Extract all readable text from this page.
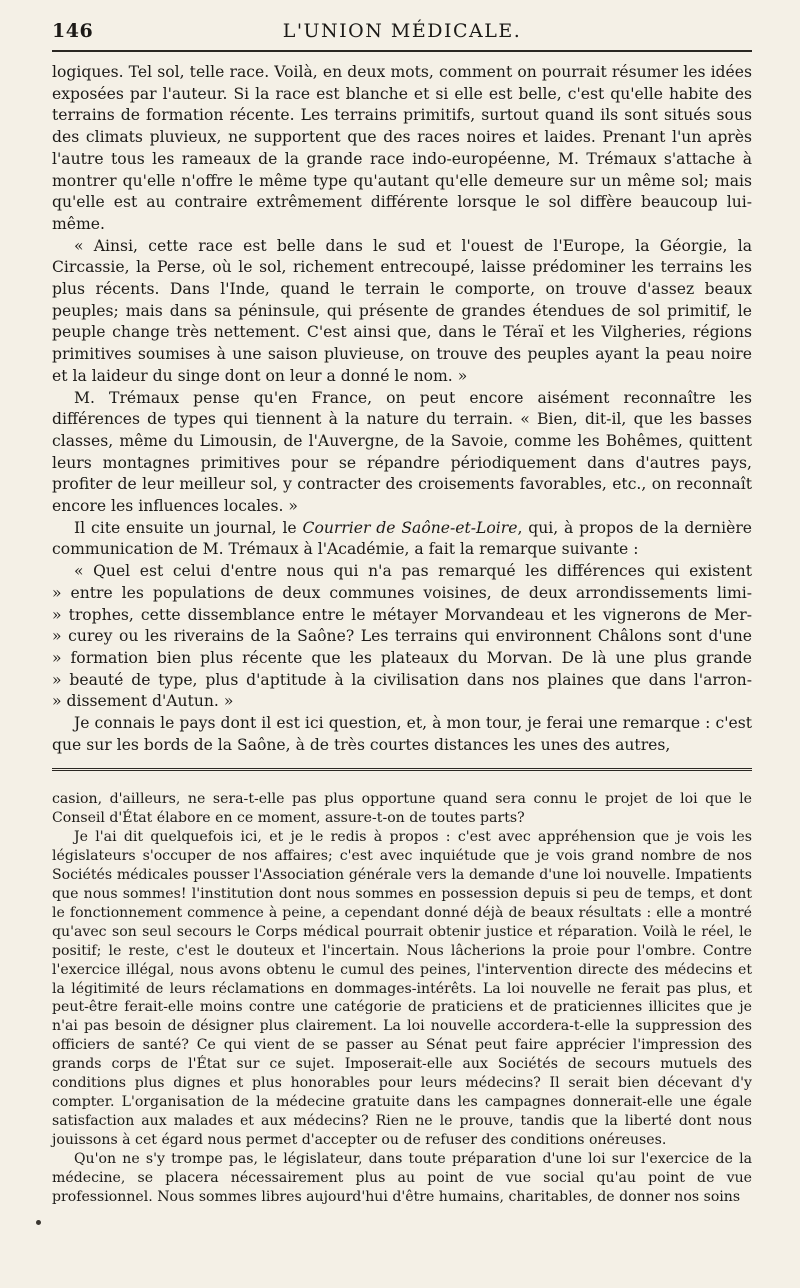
146	L'UNION MÉDICALE.

logiques. Tel sol, telle race. Voilà, en deux mots, comment on pourrait résumer les idées exposées par l'auteur. Si la race est blanche et si elle est belle, c'est qu'elle habite des terrains de formation récente. Les terrains primitifs, surtout quand ils sont situés sous des climats pluvieux, ne supportent que des races noires et laides. Prenant l'un après l'autre tous les rameaux de la grande race indo-européenne, M. Trémaux s'attache à montrer qu'elle n'offre le même type qu'autant qu'elle demeure sur un même sol; mais qu'elle est au contraire extrêmement différente lorsque le sol diffère beaucoup lui-même.

« Ainsi, cette race est belle dans le sud et l'ouest de l'Europe, la Géorgie, la Circassie, la Perse, où le sol, richement entrecoupé, laisse prédominer les terrains les plus récents. Dans l'Inde, quand le terrain le comporte, on trouve d'assez beaux peuples; mais dans sa péninsule, qui présente de grandes étendues de sol primitif, le peuple change très nettement. C'est ainsi que, dans le Téraï et les Vilgheries, régions primitives soumises à une saison pluvieuse, on trouve des peuples ayant la peau noire et la laideur du singe dont on leur a donné le nom. »

M. Trémaux pense qu'en France, on peut encore aisément reconnaître les différences de types qui tiennent à la nature du terrain. « Bien, dit-il, que les basses classes, même du Limousin, de l'Auvergne, de la Savoie, comme les Bohêmes, quittent leurs montagnes primitives pour se répandre périodiquement dans d'autres pays, profiter de leur meilleur sol, y contracter des croisements favorables, etc., on reconnaît encore les influences locales. »

Il cite ensuite un journal, le Courrier de Saône-et-Loire, qui, à propos de la dernière communication de M. Trémaux à l'Académie, a fait la remarque suivante :

« Quel est celui d'entre nous qui n'a pas remarqué les différences qui existent
» entre les populations de deux communes voisines, de deux arrondissements limi-
» trophes, cette dissemblance entre le métayer Morvandeau et les vignerons de Mer-
» curey ou les riverains de la Saône? Les terrains qui environnent Châlons sont d'une
» formation bien plus récente que les plateaux du Morvan. De là une plus grande
» beauté de type, plus d'aptitude à la civilisation dans nos plaines que dans l'arron-
» dissement d'Autun. »

Je connais le pays dont il est ici question, et, à mon tour, je ferai une remarque : c'est que sur les bords de la Saône, à de très courtes distances les unes des autres,

casion, d'ailleurs, ne sera-t-elle pas plus opportune quand sera connu le projet de loi que le Conseil d'État élabore en ce moment, assure-t-on de toutes parts?

Je l'ai dit quelquefois ici, et je le redis à propos : c'est avec appréhension que je vois les législateurs s'occuper de nos affaires; c'est avec inquiétude que je vois grand nombre de nos Sociétés médicales pousser l'Association générale vers la demande d'une loi nouvelle. Impatients que nous sommes! l'institution dont nous sommes en possession depuis si peu de temps, et dont le fonctionnement commence à peine, a cependant donné déjà de beaux résultats : elle a montré qu'avec son seul secours le Corps médical pourrait obtenir justice et réparation. Voilà le réel, le positif; le reste, c'est le douteux et l'incertain. Nous lâcherions la proie pour l'ombre. Contre l'exercice illégal, nous avons obtenu le cumul des peines, l'intervention directe des médecins et la légitimité de leurs réclamations en dommages-intérêts. La loi nouvelle ne ferait pas plus, et peut-être ferait-elle moins contre une catégorie de praticiens et de praticiennes illicites que je n'ai pas besoin de désigner plus clairement. La loi nouvelle accordera-t-elle la suppression des officiers de santé? Ce qui vient de se passer au Sénat peut faire apprécier l'impression des grands corps de l'État sur ce sujet. Imposerait-elle aux Sociétés de secours mutuels des conditions plus dignes et plus honorables pour leurs médecins? Il serait bien décevant d'y compter. L'organisation de la médecine gratuite dans les campagnes donnerait-elle une égale satisfaction aux malades et aux médecins? Rien ne le prouve, tandis que la liberté dont nous jouissons à cet égard nous permet d'accepter ou de refuser des conditions onéreuses.

Qu'on ne s'y trompe pas, le législateur, dans toute préparation d'une loi sur l'exercice de la médecine, se placera nécessairement plus au point de vue social qu'au point de vue professionnel. Nous sommes libres aujourd'hui d'être humains, charitables, de donner nos soins
